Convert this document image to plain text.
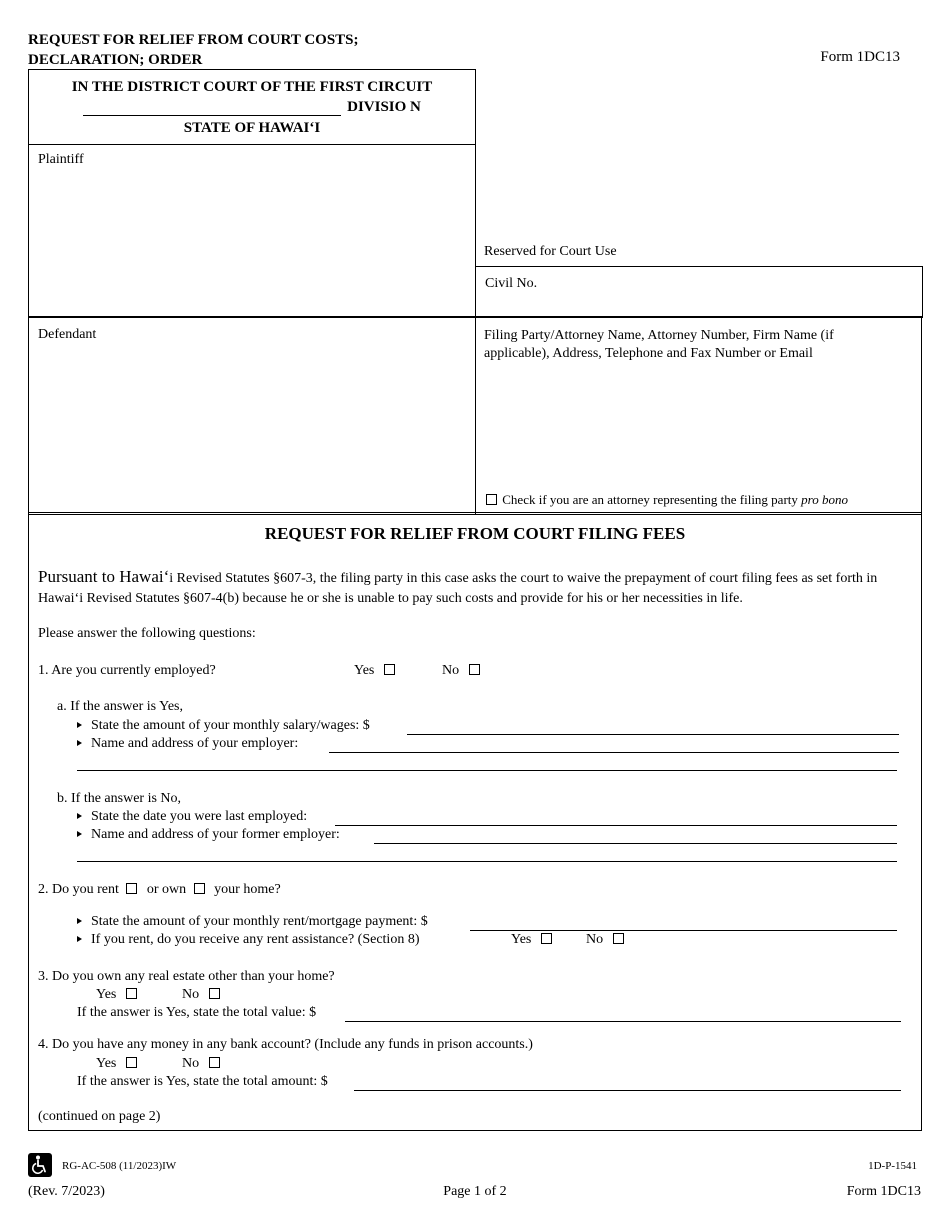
REQUEST FOR RELIEF FROM COURT COSTS;
DECLARATION; ORDER	Form 1DC13
IN THE DISTRICT COURT OF THE FIRST CIRCUIT
DIVISIO N
STATE OF HAWAI‘I
Plaintiff
Reserved for Court Use
Civil No.
Defendant	Filing Party/Attorney Name, Attorney Number, Firm Name (if applicable), Address, Telephone and Fax Number or Email
Check if you are an attorney representing the filing party pro bono
REQUEST FOR RELIEF FROM COURT FILING FEES
Pursuant to Hawai‘i Revised Statutes §607-3, the filing party in this case asks the court to waive the prepayment of court filing fees as set forth in Hawai‘i Revised Statutes §607-4(b) because he or she is unable to pay such costs and provide for his or her necessities in life.
Please answer the following questions:
1. Are you currently employed?	Yes	No
a. If the answer is Yes,
State the amount of your monthly salary/wages: $
Name and address of your employer:
b. If the answer is No,
State the date you were last employed:
Name and address of your former employer:
2. Do you rent or own your home?
State the amount of your monthly rent/mortgage payment: $
If you rent, do you receive any rent assistance? (Section 8)	Yes	No
3. Do you own any real estate other than your home?
Yes	No
If the answer is Yes, state the total value: $
4. Do you have any money in any bank account? (Include any funds in prison accounts.)
Yes	No
If the answer is Yes, state the total amount: $
(continued on page 2)
RG-AC-508 (11/2023)IW	1D-P-1541
(Rev. 7/2023)	Page 1 of 2	Form 1DC13
